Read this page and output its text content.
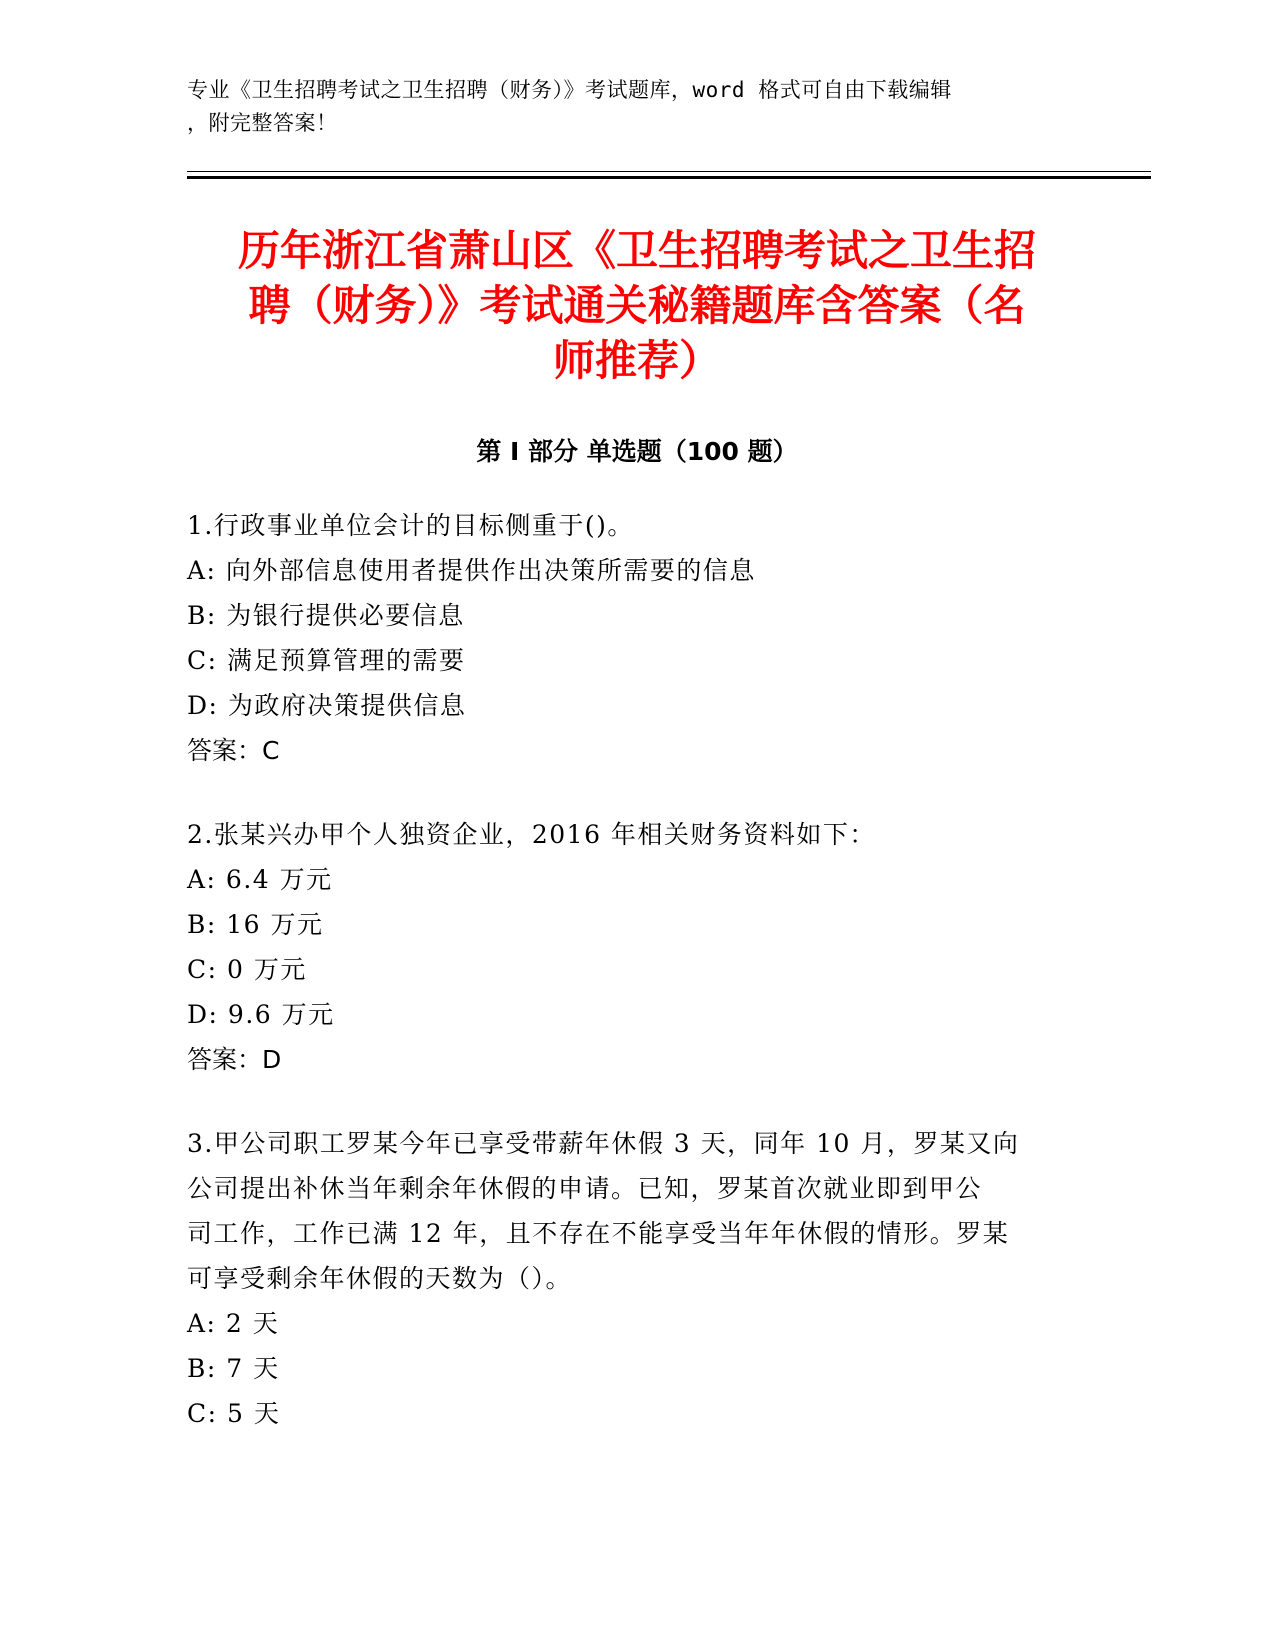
专业《卫生招聘考试之卫生招聘（财务）》考试题库，word 格式可自由下载编辑
，附完整答案！
历年浙江省萧山区《卫生招聘考试之卫生招
聘（财务）》考试通关秘籍题库含答案（名
师推荐）
第 I 部分 单选题（100 题）
1.行政事业单位会计的目标侧重于()。
A: 向外部信息使用者提供作出决策所需要的信息
B: 为银行提供必要信息
C: 满足预算管理的需要
D: 为政府决策提供信息
答案：C
2.张某兴办甲个人独资企业，2016 年相关财务资料如下：
A: 6.4 万元
B: 16 万元
C: 0 万元
D: 9.6 万元
答案：D
3.甲公司职工罗某今年已享受带薪年休假 3 天，同年 10 月，罗某又向
公司提出补休当年剩余年休假的申请。已知，罗某首次就业即到甲公
司工作，工作已满 12 年，且不存在不能享受当年年休假的情形。罗某
可享受剩余年休假的天数为（）。
A: 2 天
B: 7 天
C: 5 天
